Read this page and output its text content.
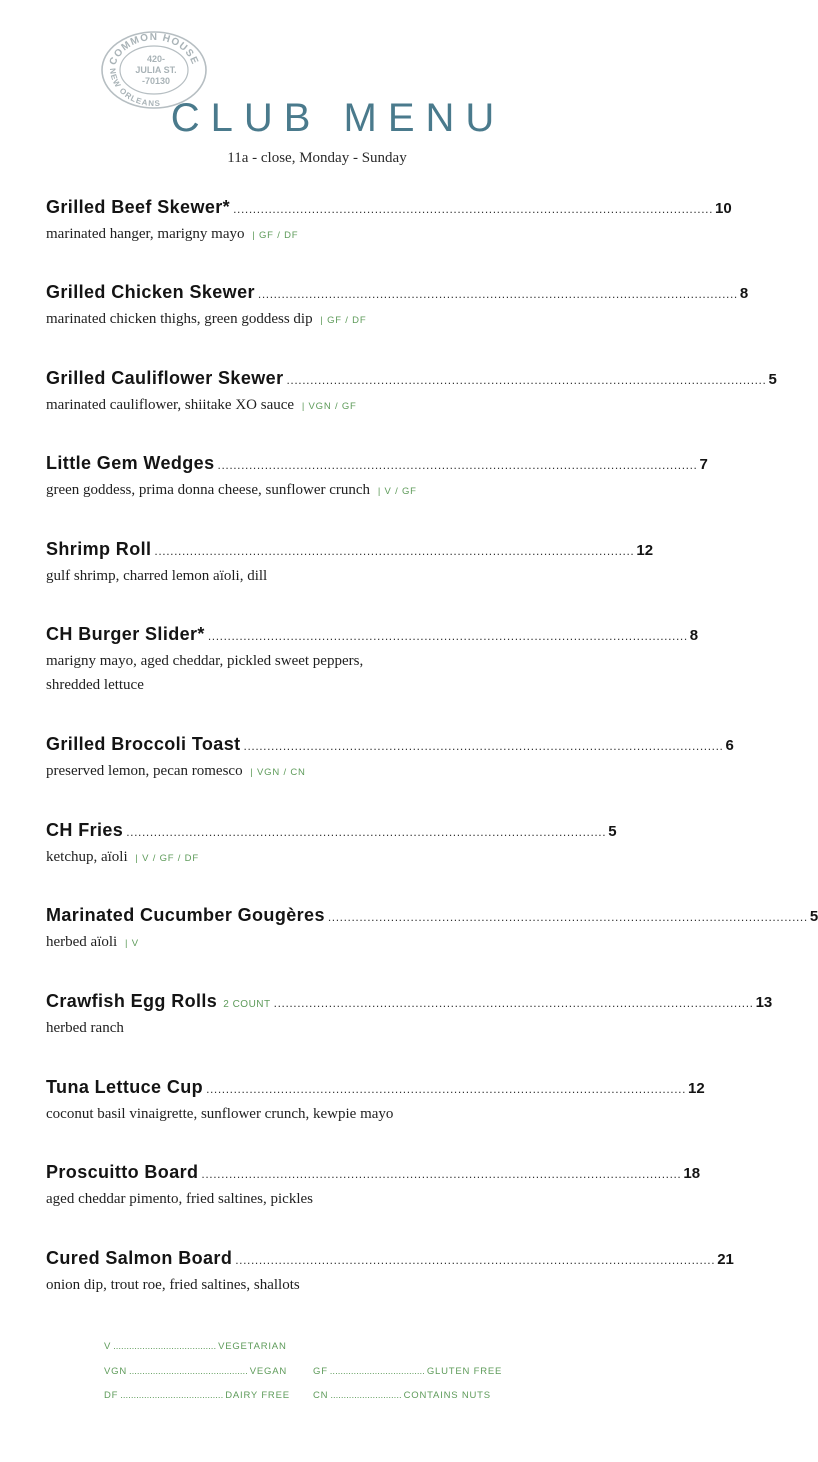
COMMON HOUSE
NEW ORLEANS
420-
JULIA ST.
-70130
CLUB MENU
11a - close, Monday - Sunday
Grilled Beef Skewer* .......................................................................................................................... 10
marinated hanger, marigny mayo | GF / DF
Grilled Chicken Skewer .......................................................................................................................... 8
marinated chicken thighs, green goddess dip | GF / DF
Grilled Cauliflower Skewer .......................................................................................................................... 5
marinated cauliflower, shiitake XO sauce | VGN / GF
Little Gem Wedges .......................................................................................................................... 7
green goddess, prima donna cheese, sunflower crunch | V / GF
Shrimp Roll .......................................................................................................................... 12
gulf shrimp, charred lemon aïoli, dill
CH Burger Slider* .......................................................................................................................... 8
marigny mayo, aged cheddar, pickled sweet peppers,
shredded lettuce
Grilled Broccoli Toast .......................................................................................................................... 6
preserved lemon, pecan romesco | VGN / CN
CH Fries .......................................................................................................................... 5
ketchup, aïoli | V / GF / DF
Marinated Cucumber Gougères .......................................................................................................................... 5
herbed aïoli | V
Crawfish Egg Rolls 2 COUNT .......................................................................................................................... 13
herbed ranch
Tuna Lettuce Cup .......................................................................................................................... 12
coconut basil vinaigrette, sunflower crunch, kewpie mayo
Proscuitto Board .......................................................................................................................... 18
aged cheddar pimento, fried saltines, pickles
Cured Salmon Board .......................................................................................................................... 21
onion dip, trout roe, fried saltines, shallots
V ....................................... VEGETARIAN
VGN ............................................. VEGAN
DF ....................................... DAIRY FREE
GF .................................... GLUTEN FREE
CN ........................... CONTAINS NUTS
